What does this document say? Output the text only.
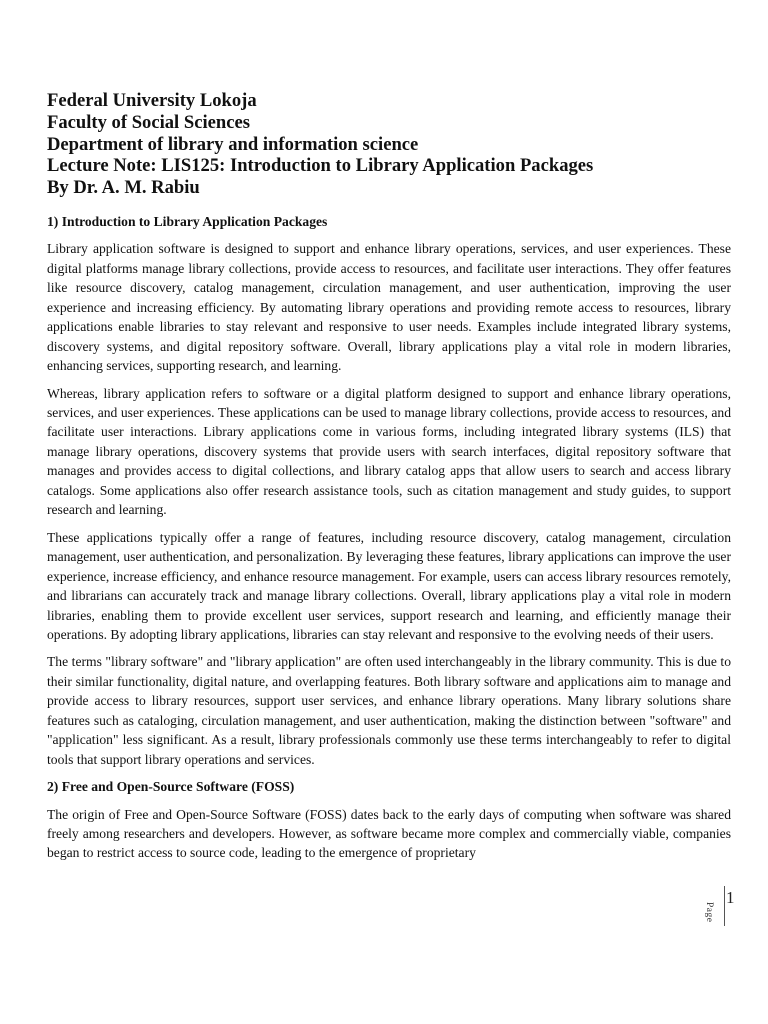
Federal University Lokoja

Faculty of Social Sciences

Department of library and information science

Lecture Note: LIS125: Introduction to Library Application Packages

By Dr. A. M. Rabiu

1) Introduction to Library Application Packages

Library application software is designed to support and enhance library operations, services, and user experiences. These digital platforms manage library collections, provide access to resources, and facilitate user interactions. They offer features like resource discovery, catalog management, circulation management, and user authentication, improving the user experience and increasing efficiency. By automating library operations and providing remote access to resources, library applications enable libraries to stay relevant and responsive to user needs. Examples include integrated library systems, discovery systems, and digital repository software. Overall, library applications play a vital role in modern libraries, enhancing services, supporting research, and learning.

Whereas, library application refers to software or a digital platform designed to support and enhance library operations, services, and user experiences. These applications can be used to manage library collections, provide access to resources, and facilitate user interactions. Library applications come in various forms, including integrated library systems (ILS) that manage library operations, discovery systems that provide users with search interfaces, digital repository software that manages and provides access to digital collections, and library catalog apps that allow users to search and access library catalogs. Some applications also offer research assistance tools, such as citation management and study guides, to support research and learning.

These applications typically offer a range of features, including resource discovery, catalog management, circulation management, user authentication, and personalization. By leveraging these features, library applications can improve the user experience, increase efficiency, and enhance resource management. For example, users can access library resources remotely, and librarians can accurately track and manage library collections. Overall, library applications play a vital role in modern libraries, enabling them to provide excellent user services, support research and learning, and efficiently manage their operations. By adopting library applications, libraries can stay relevant and responsive to the evolving needs of their users.

The terms "library software" and "library application" are often used interchangeably in the library community. This is due to their similar functionality, digital nature, and overlapping features. Both library software and applications aim to manage and provide access to library resources, support user services, and enhance library operations. Many library solutions share features such as cataloging, circulation management, and user authentication, making the distinction between "software" and "application" less significant. As a result, library professionals commonly use these terms interchangeably to refer to digital tools that support library operations and services.

2) Free and Open-Source Software (FOSS)

The origin of Free and Open-Source Software (FOSS) dates back to the early days of computing when software was shared freely among researchers and developers. However, as software became more complex and commercially viable, companies began to restrict access to source code, leading to the emergence of proprietary

1
Page
